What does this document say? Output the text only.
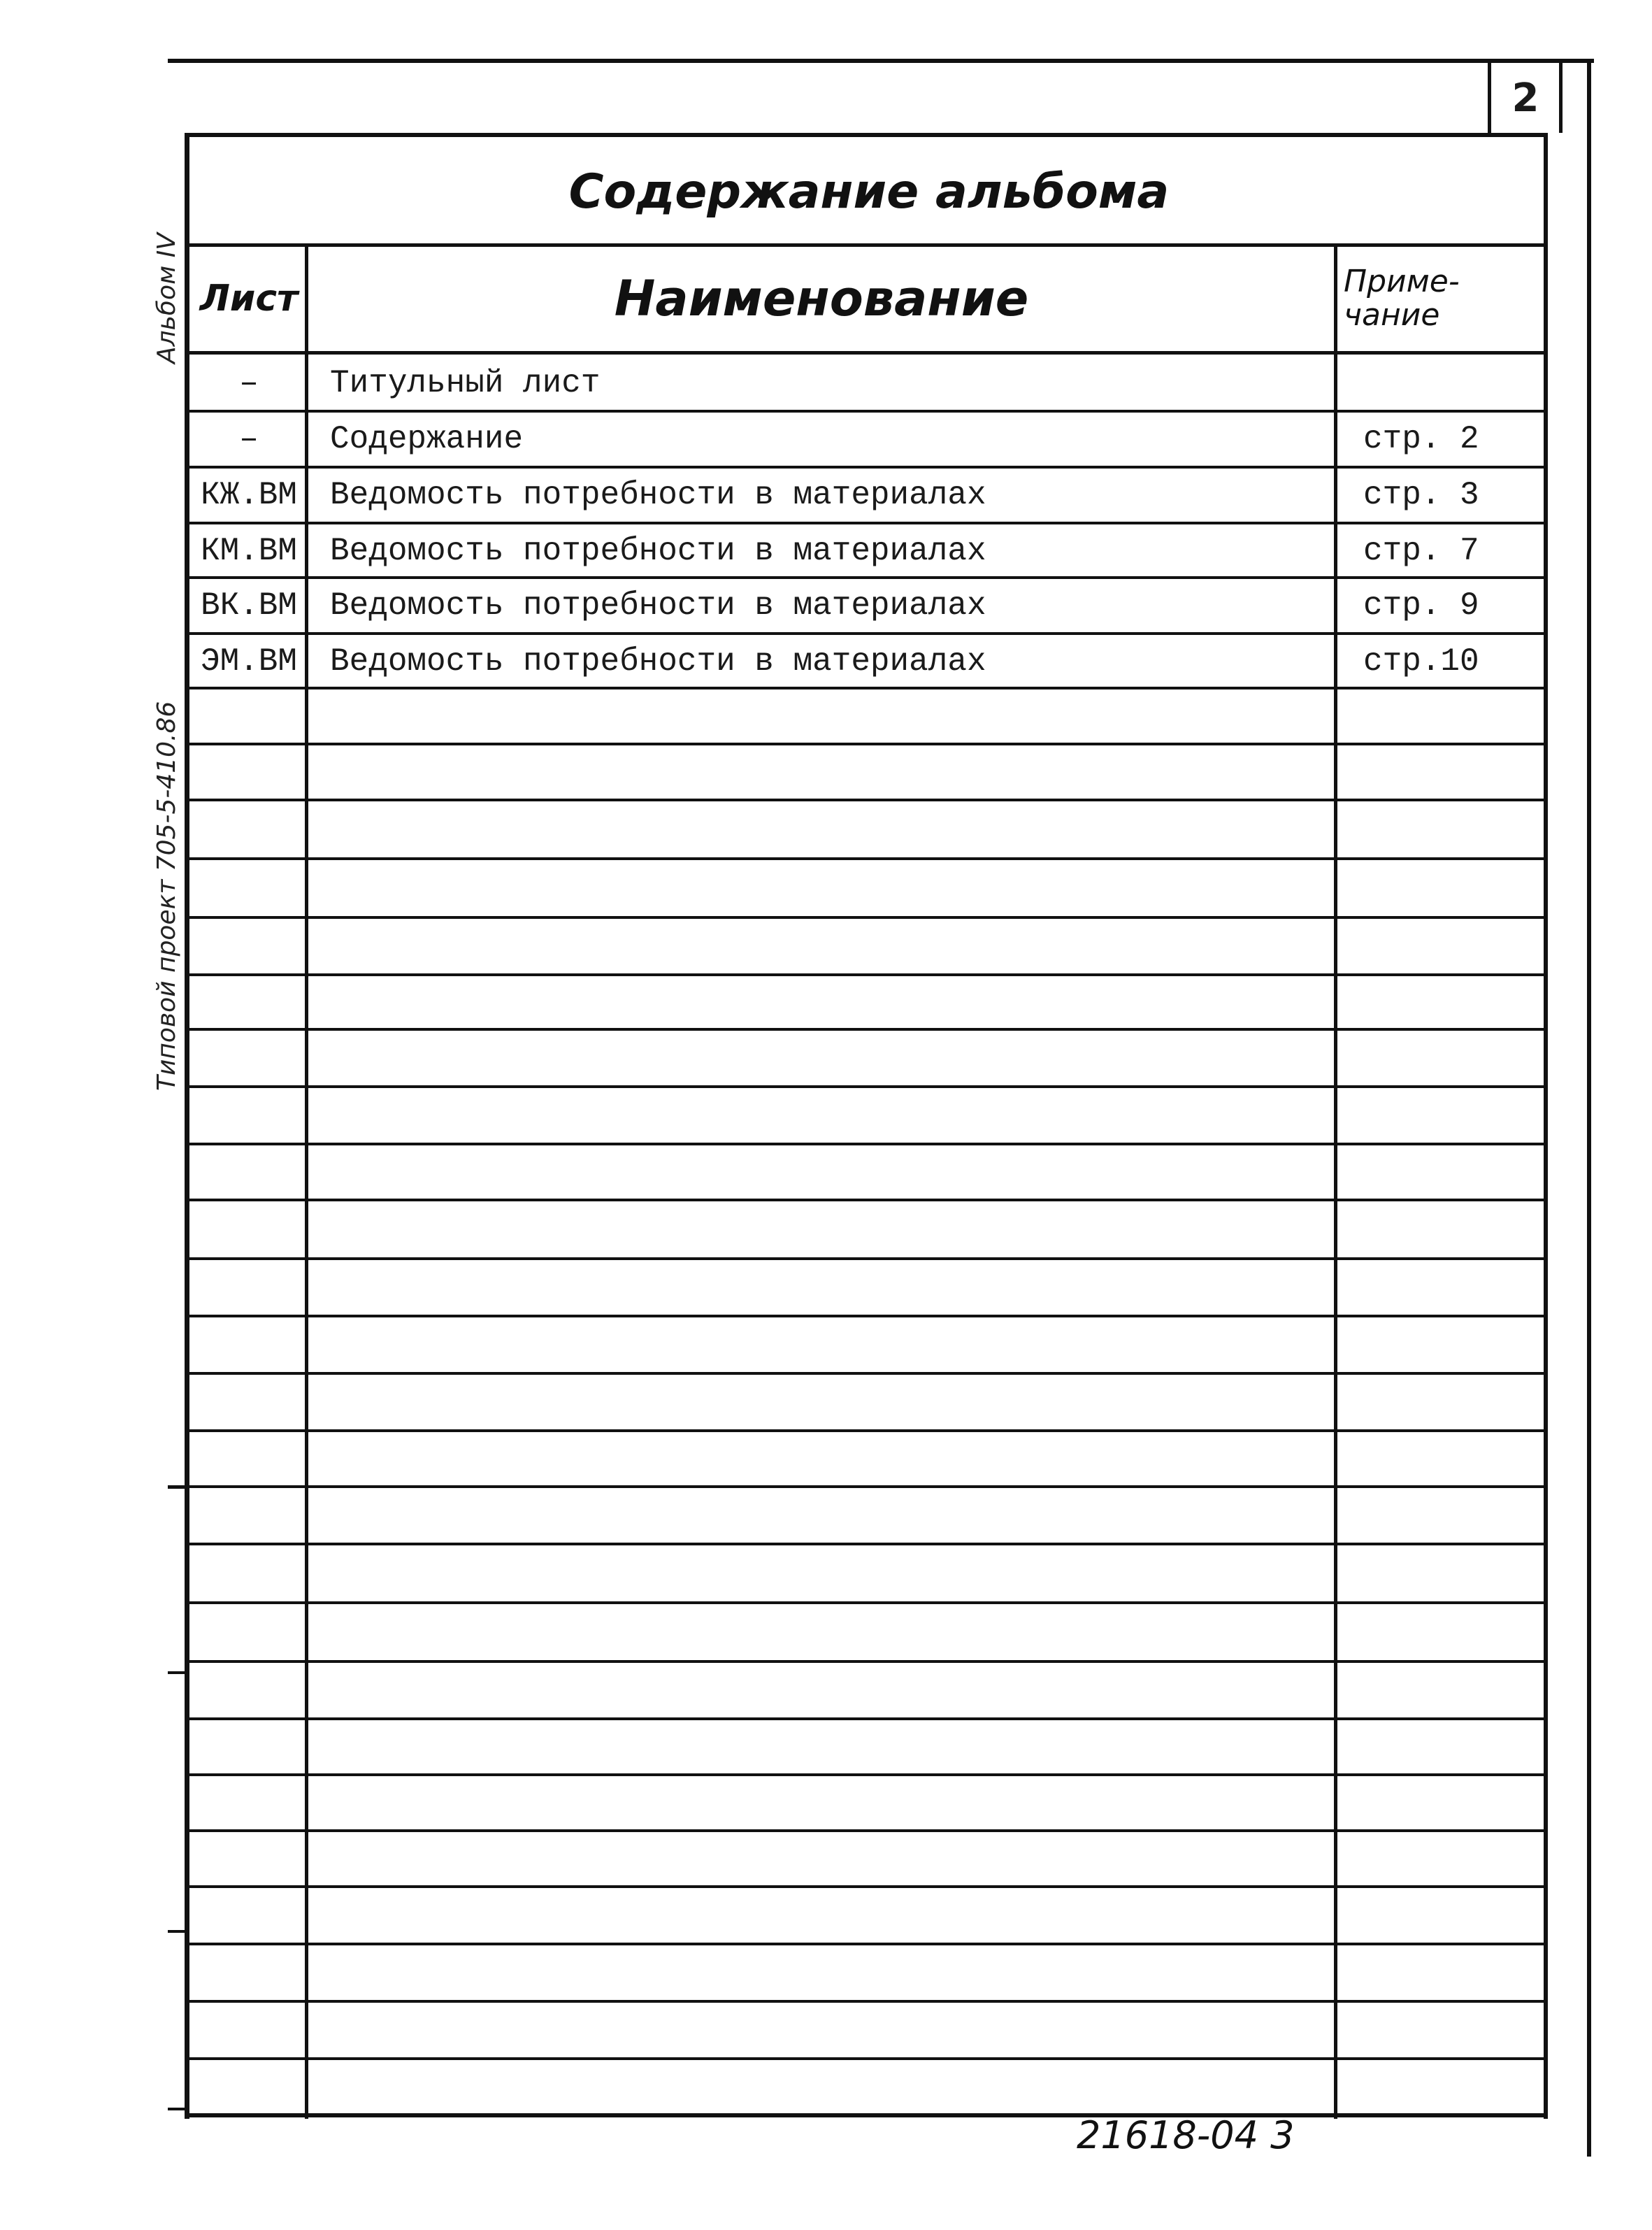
2
Содержание альбома
Лист	Наименование	Приме-
чание
–	Титульный лист
–	Содержание	стр. 2
КЖ.ВМ	Ведомость потребности в материалах	стр. 3
КМ.ВМ	Ведомость потребности в материалах	стр. 7
ВК.ВМ	Ведомость потребности в материалах	стр. 9
ЭМ.ВМ	Ведомость потребности в материалах	стр.10
Альбом IV
Типовой проект 705-5-410.86
21618-04 3
